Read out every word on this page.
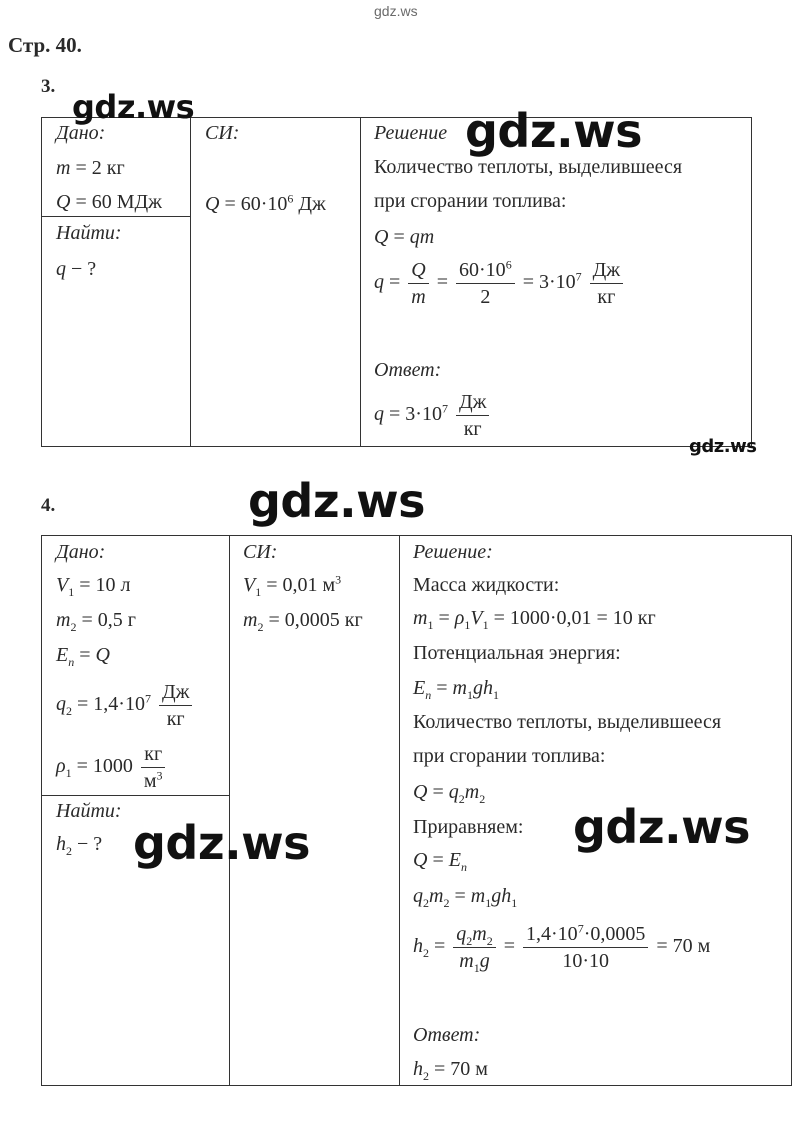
gdz.ws
Стр. 40.
3.
Дано:
m = 2 кг
Q = 60 МДж
Найти:
q − ?
СИ:
$Q = 60\cdot 10^6$ Дж
Решение
Количество теплоты, выделившееся
при сгорании топлива:
Q = qm
$q = \frac{Q}{m} = \frac{60\cdot 10^6}{2} = 3\cdot 10^7 \frac{Дж}{кг}$
Ответ:
$q = 3\cdot 10^7 \frac{Дж}{кг}$
4.
Дано:
$V_1 = 10$ л
$m_2 = 0,5$ г
$E_n = Q$
$q_2 = 1,4\cdot 10^7 \frac{Дж}{кг}$
$\rho_1 = 1000 \frac{кг}{м^3}$
Найти:
$h_2$ − ?
СИ:
$V_1 = 0,01$ $м^3$
$m_2 = 0,0005$ кг
Решение:
Масса жидкости:
$m_1 = \rho_1V_1 = 1000\cdot 0,01 = 10$ кг
Потенциальная энергия:
$E_n = m_1gh_1$
Количество теплоты, выделившееся
при сгорании топлива:
$Q = q_2m_2$
Приравняем:
$Q = E_n$
$q_2m_2 = m_1gh_1$
$h_2 = \frac{q_2m_2}{m_1g} = \frac{1,4\cdot 10^7\cdot 0,0005}{10\cdot 10} = 70$ м
Ответ:
$h_2 = 70$ м
gdz.ws	gdz.ws
gdz.ws
gdz.ws
gdz.ws
gdz.ws
